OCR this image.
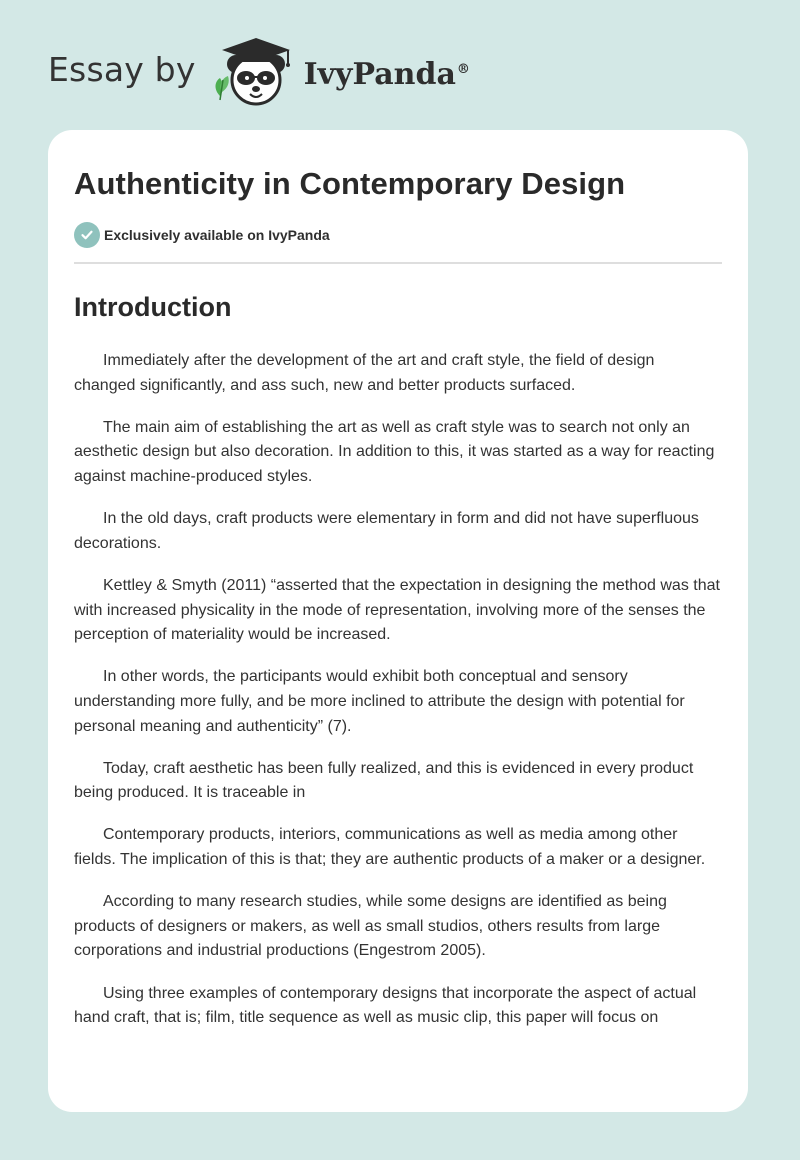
Essay by	IvyPanda®
Authenticity in Contemporary Design
Exclusively available on IvyPanda
Introduction

Immediately after the development of the art and craft style, the field of design changed significantly, and ass such, new and better products surfaced.

The main aim of establishing the art as well as craft style was to search not only an aesthetic design but also decoration. In addition to this, it was started as a way for reacting against machine-produced styles.

In the old days, craft products were elementary in form and did not have superfluous decorations.

Kettley & Smyth (2011) “asserted that the expectation in designing the method was that with increased physicality in the mode of representation, involving more of the senses the perception of materiality would be increased.

In other words, the participants would exhibit both conceptual and sensory understanding more fully, and be more inclined to attribute the design with potential for personal meaning and authenticity” (7).

Today, craft aesthetic has been fully realized, and this is evidenced in every product being produced. It is traceable in

Contemporary products, interiors, communications as well as media among other fields. The implication of this is that; they are authentic products of a maker or a designer.

According to many research studies, while some designs are identified as being products of designers or makers, as well as small studios, others results from large corporations and industrial productions (Engestrom 2005).

Using three examples of contemporary designs that incorporate the aspect of actual hand craft, that is; film, title sequence as well as music clip, this paper will focus on
